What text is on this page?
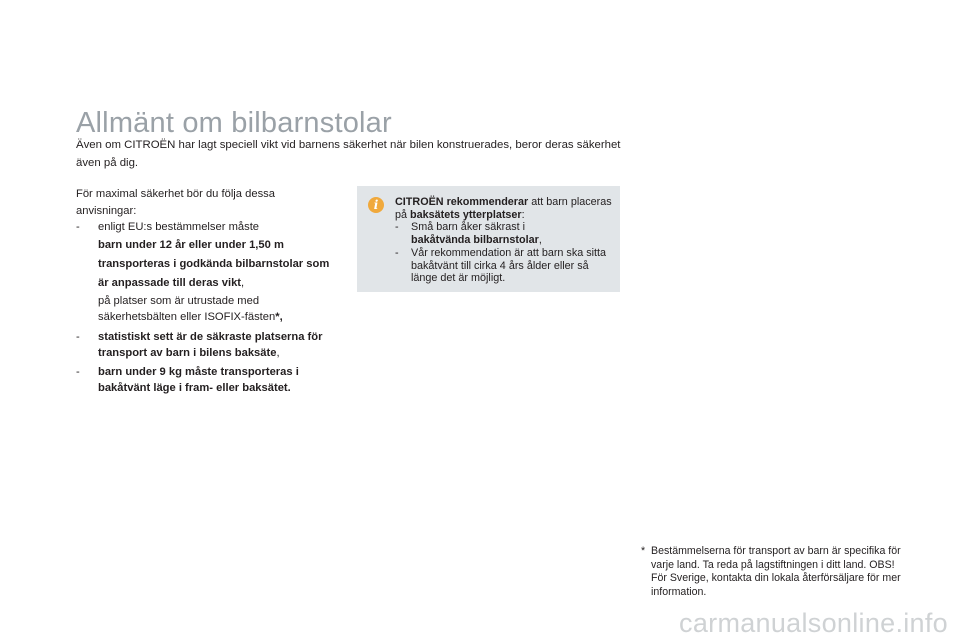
Allmänt om bilbarnstolar

Även om CITROËN har lagt speciell vikt vid barnens säkerhet när bilen konstruerades, beror deras säkerhet även på dig.

För maximal säkerhet bör du följa dessa anvisningar:

- enligt EU:s bestämmelser måste
barn under 12 år eller under 1,50 m transporteras i godkända bilbarnstolar som är anpassade till deras vikt,
på platser som är utrustade med säkerhetsbälten eller ISOFIX-fästen*,
- statistiskt sett är de säkraste platserna för transport av barn i bilens baksäte,
- barn under 9 kg måste transporteras i bakåtvänt läge i fram- eller baksätet.
i	CITROËN rekommenderar att barn placeras på baksätets ytterplatser:

- Små barn åker säkrast i
bakåtvända bilbarnstolar,
- Vår rekommendation är att barn ska sitta bakåtvänt till cirka 4 års ålder eller så länge det är möjligt.
* Bestämmelserna för transport av barn är specifika för varje land. Ta reda på lagstiftningen i ditt land. OBS! För Sverige, kontakta din lokala återförsäljare för mer information.
carmanualsonline.info
